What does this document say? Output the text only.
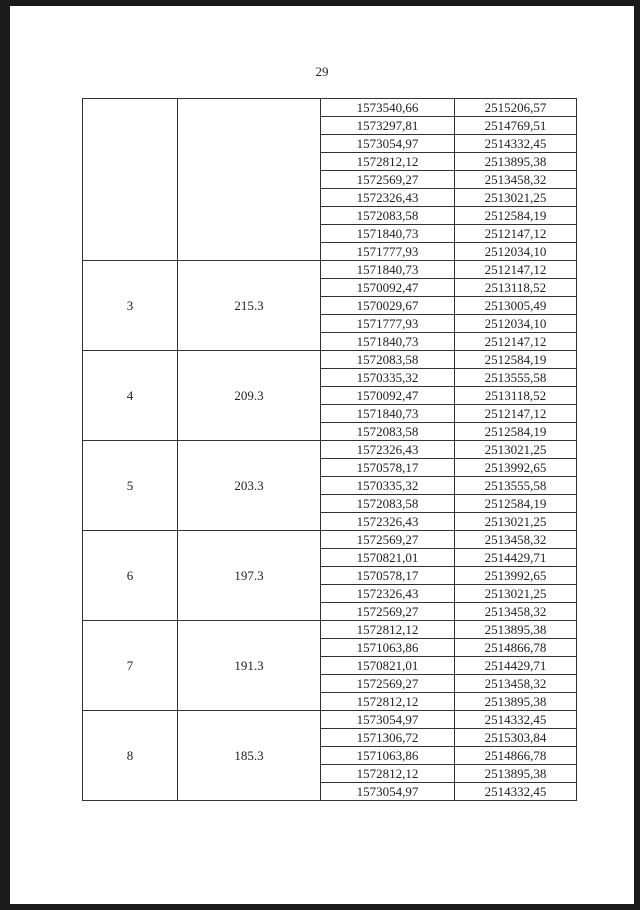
29
		1573540,66	2515206,57
		1573297,81	2514769,51
		1573054,97	2514332,45
		1572812,12	2513895,38
		1572569,27	2513458,32
		1572326,43	2513021,25
		1572083,58	2512584,19
		1571840,73	2512147,12
		1571777,93	2512034,10
3	215.3	1571840,73	2512147,12
		1570092,47	2513118,52
		1570029,67	2513005,49
		1571777,93	2512034,10
		1571840,73	2512147,12
4	209.3	1572083,58	2512584,19
		1570335,32	2513555,58
		1570092,47	2513118,52
		1571840,73	2512147,12
		1572083,58	2512584,19
5	203.3	1572326,43	2513021,25
		1570578,17	2513992,65
		1570335,32	2513555,58
		1572083,58	2512584,19
		1572326,43	2513021,25
6	197.3	1572569,27	2513458,32
		1570821,01	2514429,71
		1570578,17	2513992,65
		1572326,43	2513021,25
		1572569,27	2513458,32
7	191.3	1572812,12	2513895,38
		1571063,86	2514866,78
		1570821,01	2514429,71
		1572569,27	2513458,32
		1572812,12	2513895,38
8	185.3	1573054,97	2514332,45
		1571306,72	2515303,84
		1571063,86	2514866,78
		1572812,12	2513895,38
		1573054,97	2514332,45
